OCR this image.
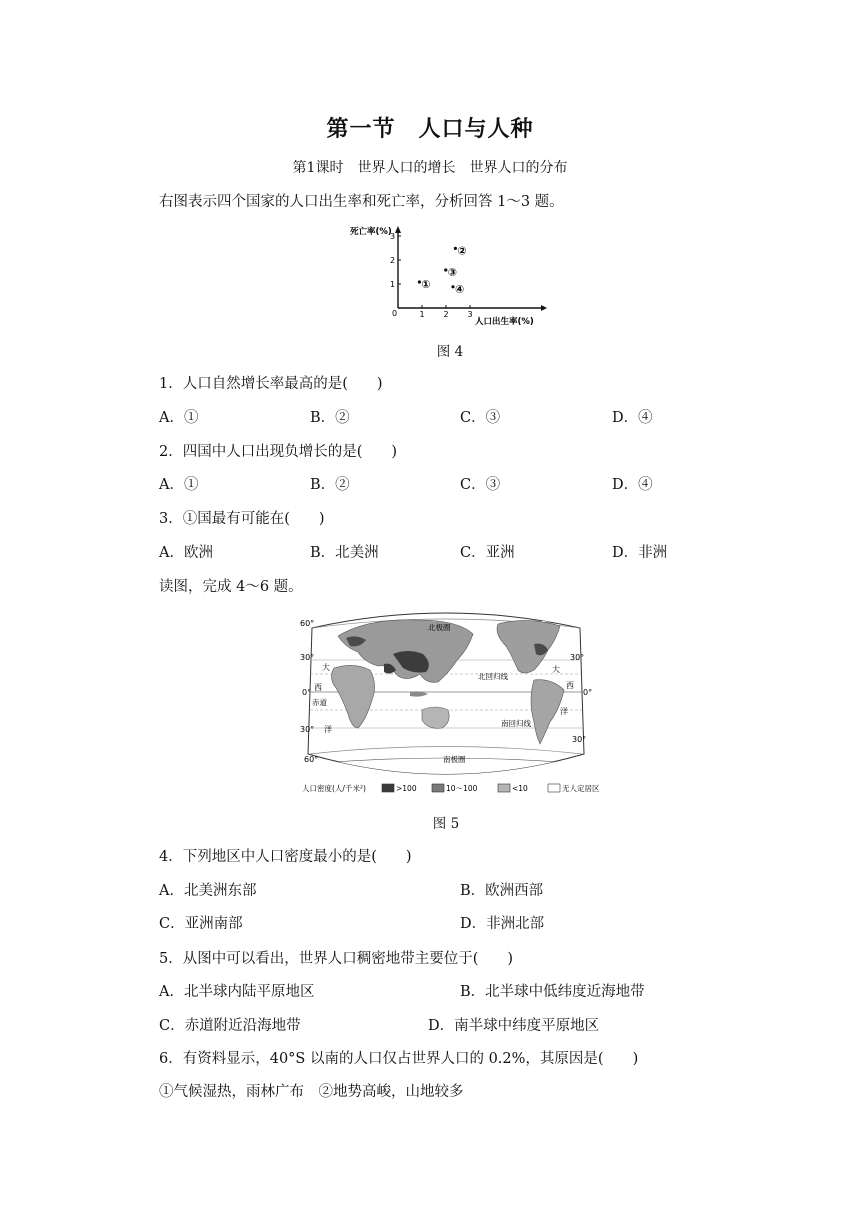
第一节　人口与人种
第1课时　世界人口的增长　世界人口的分布
右图表示四个国家的人口出生率和死亡率，分析回答 1～3 题。
死亡率(%)
人口出生率(%)
0	1 2 3
1
2
3
①
②
③
④
图 4
1．人口自然增长率最高的是(　　)
A．①	B．②	C．③	D．④
2．四国中人口出现负增长的是(　　)
A．①	B．②	C．③	D．④
3．①国最有可能在(　　)
A．欧洲	B．北美洲	C．亚洲	D．非洲
读图，完成 4～6 题。
60°
30°
0°
30°
60°
0°
30°
30°
北极圈
北回归线
南回归线
赤道
南极圈
大
西
洋
大
西
洋
人口密度(人/千米²)	>100	10～100	<10	无人定居区
图 5
4．下列地区中人口密度最小的是(　　)
A．北美洲东部	B．欧洲西部
C．亚洲南部	D．非洲北部
5．从图中可以看出，世界人口稠密地带主要位于(　　)
A．北半球内陆平原地区	B．北半球中低纬度近海地带
C．赤道附近沿海地带	D．南半球中纬度平原地区
6．有资料显示，40°S 以南的人口仅占世界人口的 0.2%，其原因是(　　)
①气候湿热，雨林广布　②地势高峻，山地较多
